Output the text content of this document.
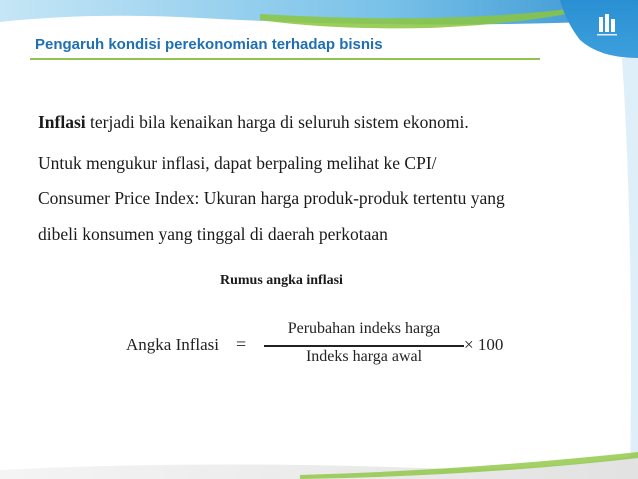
Pengaruh kondisi perekonomian terhadap bisnis

Inflasi terjadi bila kenaikan harga di seluruh sistem ekonomi.

Untuk mengukur inflasi, dapat berpaling melihat ke CPI/

Consumer Price Index: Ukuran harga produk-produk tertentu yang

dibeli konsumen yang tinggal di daerah perkotaan

Rumus angka inflasi

Angka Inflasi =
Perubahan indeks harga
Indeks harga awal
× 100
